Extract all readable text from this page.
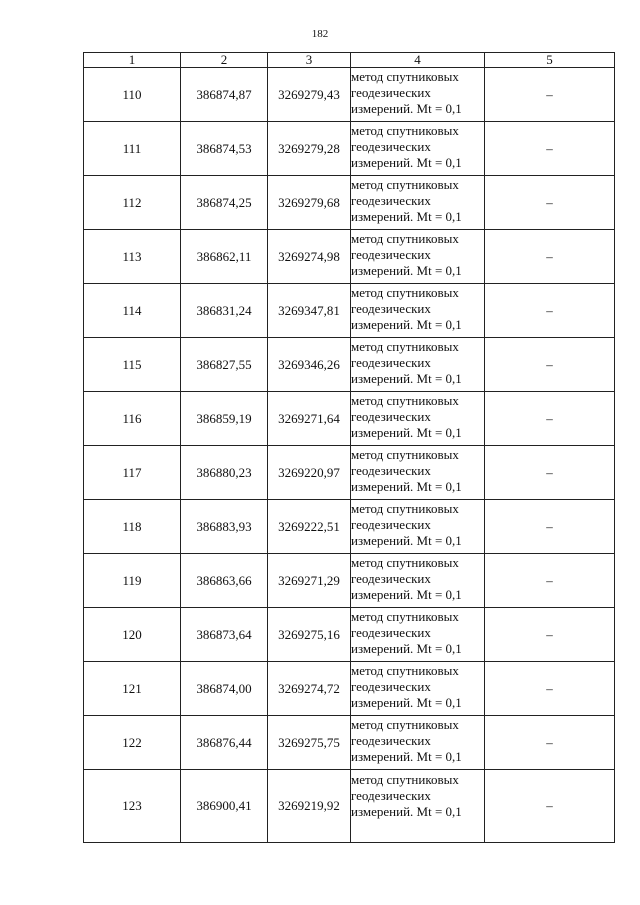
182
1	2	3	4	5
110	386874,87	3269279,43	метод спутниковых
геодезических
измерений. Mt = 0,1	–
111	386874,53	3269279,28	метод спутниковых
геодезических
измерений. Mt = 0,1	–
112	386874,25	3269279,68	метод спутниковых
геодезических
измерений. Mt = 0,1	–
113	386862,11	3269274,98	метод спутниковых
геодезических
измерений. Mt = 0,1	–
114	386831,24	3269347,81	метод спутниковых
геодезических
измерений. Mt = 0,1	–
115	386827,55	3269346,26	метод спутниковых
геодезических
измерений. Mt = 0,1	–
116	386859,19	3269271,64	метод спутниковых
геодезических
измерений. Mt = 0,1	–
117	386880,23	3269220,97	метод спутниковых
геодезических
измерений. Mt = 0,1	–
118	386883,93	3269222,51	метод спутниковых
геодезических
измерений. Mt = 0,1	–
119	386863,66	3269271,29	метод спутниковых
геодезических
измерений. Mt = 0,1	–
120	386873,64	3269275,16	метод спутниковых
геодезических
измерений. Mt = 0,1	–
121	386874,00	3269274,72	метод спутниковых
геодезических
измерений. Mt = 0,1	–
122	386876,44	3269275,75	метод спутниковых
геодезических
измерений. Mt = 0,1	–
123	386900,41	3269219,92	метод спутниковых
геодезических
измерений. Mt = 0,1	–
